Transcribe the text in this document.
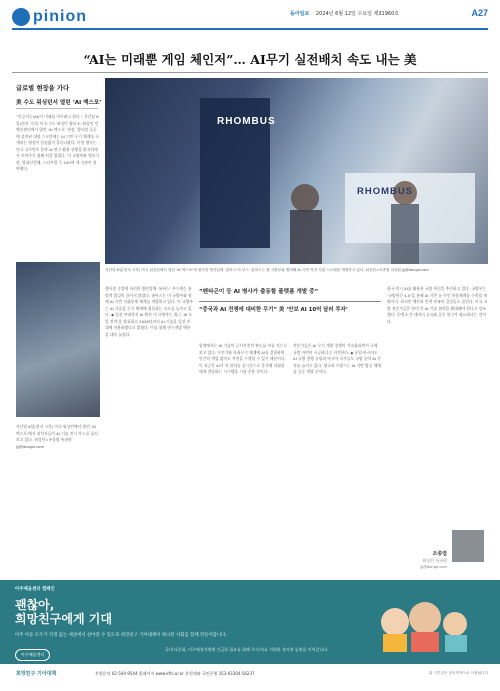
pinion	동아일보 2024년 6월 12일 수요일 제31960호	A27
“AI는 미래뿐 게임 체인저”… AI무기 실전배치 속도 내는 美
글로벌 현장을 가다
美 수도 워싱턴서 열린 ‘AI 엑스포’
“인공지능(AI)이 미래를 바꾸려고 한다.” 지난달 6일(현지 시각) 미국 수도 워싱턴 월터 E. 워싱턴 컨벤션센터에서 열린 ‘AI 엑스포’ 현장. 행사장 곳곳에 설치된 대형 스크린에는 AI 기반 무기 체계를 소개하는 영상이 끊임없이 흘러나왔다. 이번 행사는 미국 국가안보 분야 AI 연구·활용 현황을 한자리에서 보여주기 위해 처음 열렸다. 미 국방부와 정보기관, 방위산업체, 스타트업 등 100여 개 기관이 참여했다.
지난달 6일(현지 시각) 미국 워싱턴에서 열린 ‘AI 엑스포’에서 참석자들이 AI 기술 전시 부스를 둘러보고 있다. 워싱턴=조종엽 특파원 jjj@donga.com
RHOMBUS
RHOMBUS
지난달 6일(현지 시각) 미국 워싱턴에서 열린 ‘AI 엑스포’에 참가한 방산업체 ‘롬버스’의 부스. 롬버스는 美 국방부와 협력해 AI 기반 작전 지원 시스템을 개발하고 있다. 워싱턴=조종엽 특파원 jjj@donga.com
행사장 중앙에 자리한 방산업체 ‘롬버스’ 부스에는 관람객 발길이 끊이지 않았다. 롬버스는 미 국방부와 함께 AI 기반 지휘통제 체계를 개발하고 있다. 미 국방부는 AI 기술을 무기 체계에 접목하는 속도를 높이고 있다. ◆ 일선 부대까지 AI 확산 미 국방부는 최근 ‘AI 도입 전략’을 발표하고 2026년까지 AI 기술을 일선 부대에 적용하겠다고 밝혔다. 이를 위해 연구개발 예산을 대폭 늘렸다.
“펜타곤이 등 AI 병사가 출동할 플랫폼 개발 중”
“중국과 AI 전쟁에 대비한 무기” 美 ‘안보 AI 10억 달러 투자’
업계에서는 AI 기술이 군사작전의 판도를 바꿀 것으로 보고 있다. 무인기와 자율무기 체계에 AI를 결합하면 인간의 개입 없이도 작전을 수행할 수 있기 때문이다. 미 육군은 AI가 적 위치를 실시간으로 분석해 지휘관에게 전달하는 시스템을 시험 운용 중이다.
전문가들은 AI 무기 개발 경쟁이 가속화되면서 국제 규범 마련이 시급하다고 지적한다. ◆ 유럽·아시아도 AI 국방 경쟁 유럽과 아시아 국가들도 국방 분야 AI 투자를 늘리고 있다. 영국과 프랑스는 AI 기반 방공 체계를 공동 개발 중이다.
한국 역시 AI를 활용한 국방 혁신을 추진하고 있다. 국방부는 ‘국방혁신 4.0’을 통해 AI 기반 유·무인 복합체계를 구축할 계획이다. 하지만 예산과 인력 부족이 걸림돌로 꼽힌다. 미국 국방 전문가들은 한미 간 AI 기술 협력을 확대해야 한다고 강조했다. 동맹국 간 데이터 공유와 공동 연구가 필요하다는 것이다.
조종엽
워싱턴 특파원
jjj@donga.com
아주배움센터 캠페인
괜찮아,
희망친구에게 기대
아주 아동 모두가 걱정 없는 세상에서 살아갈 수 있도록 희망친구 기아대책이 하나된 사회를 함께 만들어갑니다.
아주배움센터
국내 다문화, 이주배경가정에 긴급한 필요를 위해 주거·의료 지원과 정서적 돌봄을 이어갑니다.
희망친구 기아대책	후원문의 02-544-9544 홈페이지 www.kfhi.or.kr 후원계좌 국민은행 353-03304-56237	위 기부금은 공익목적으로 사용됩니다
